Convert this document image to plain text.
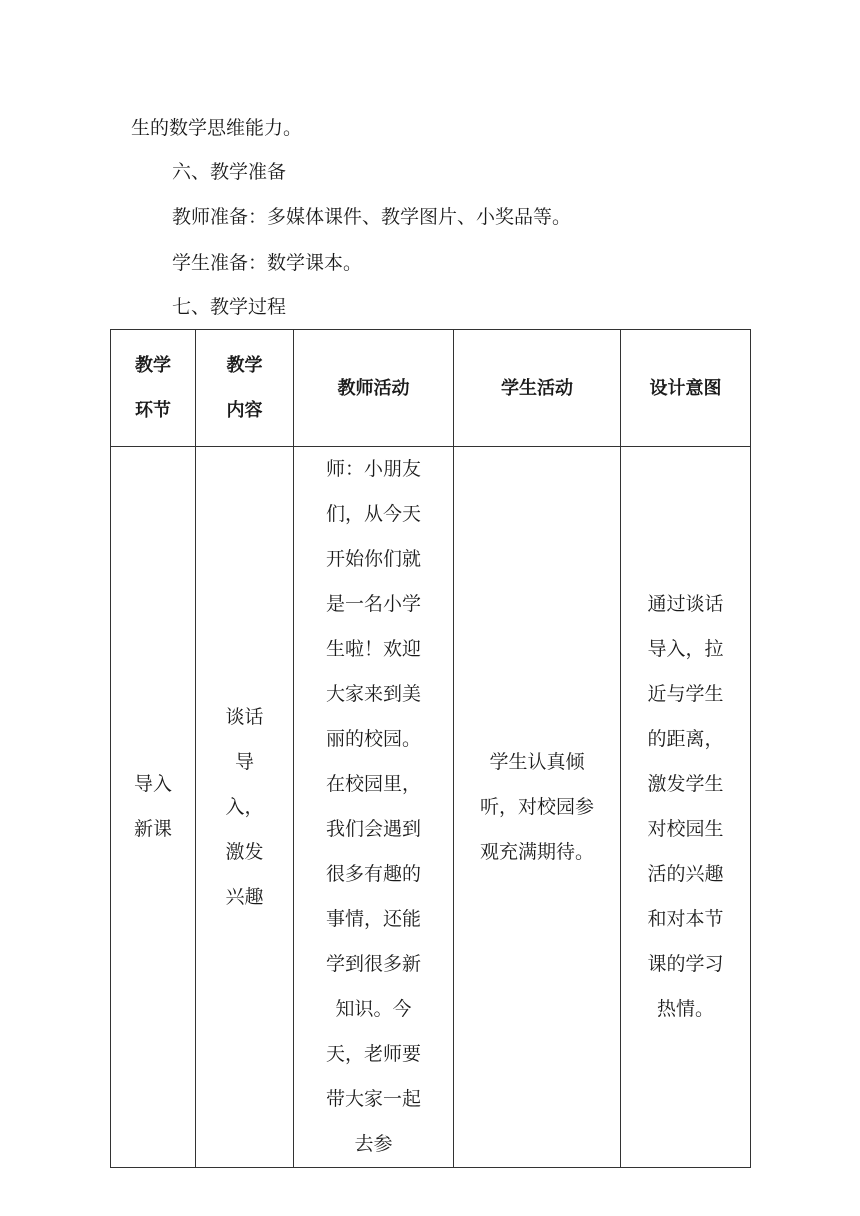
生的数学思维能力。
六、教学准备
教师准备：多媒体课件、教学图片、小奖品等。
学生准备：数学课本。
七、教学过程
教学环节	教学内容	教师活动	学生活动	设计意图
导入新课	谈话导入，激发兴趣	师：小朋友们，从今天开始你们就是一名小学生啦！欢迎大家来到美丽的校园。在校园里，我们会遇到很多有趣的事情，还能学到很多新知识。今天，老师要带大家一起去参	学生认真倾听，对校园参观充满期待。	通过谈话导入，拉近与学生的距离，激发学生对校园生活的兴趣和对本节课的学习热情。
